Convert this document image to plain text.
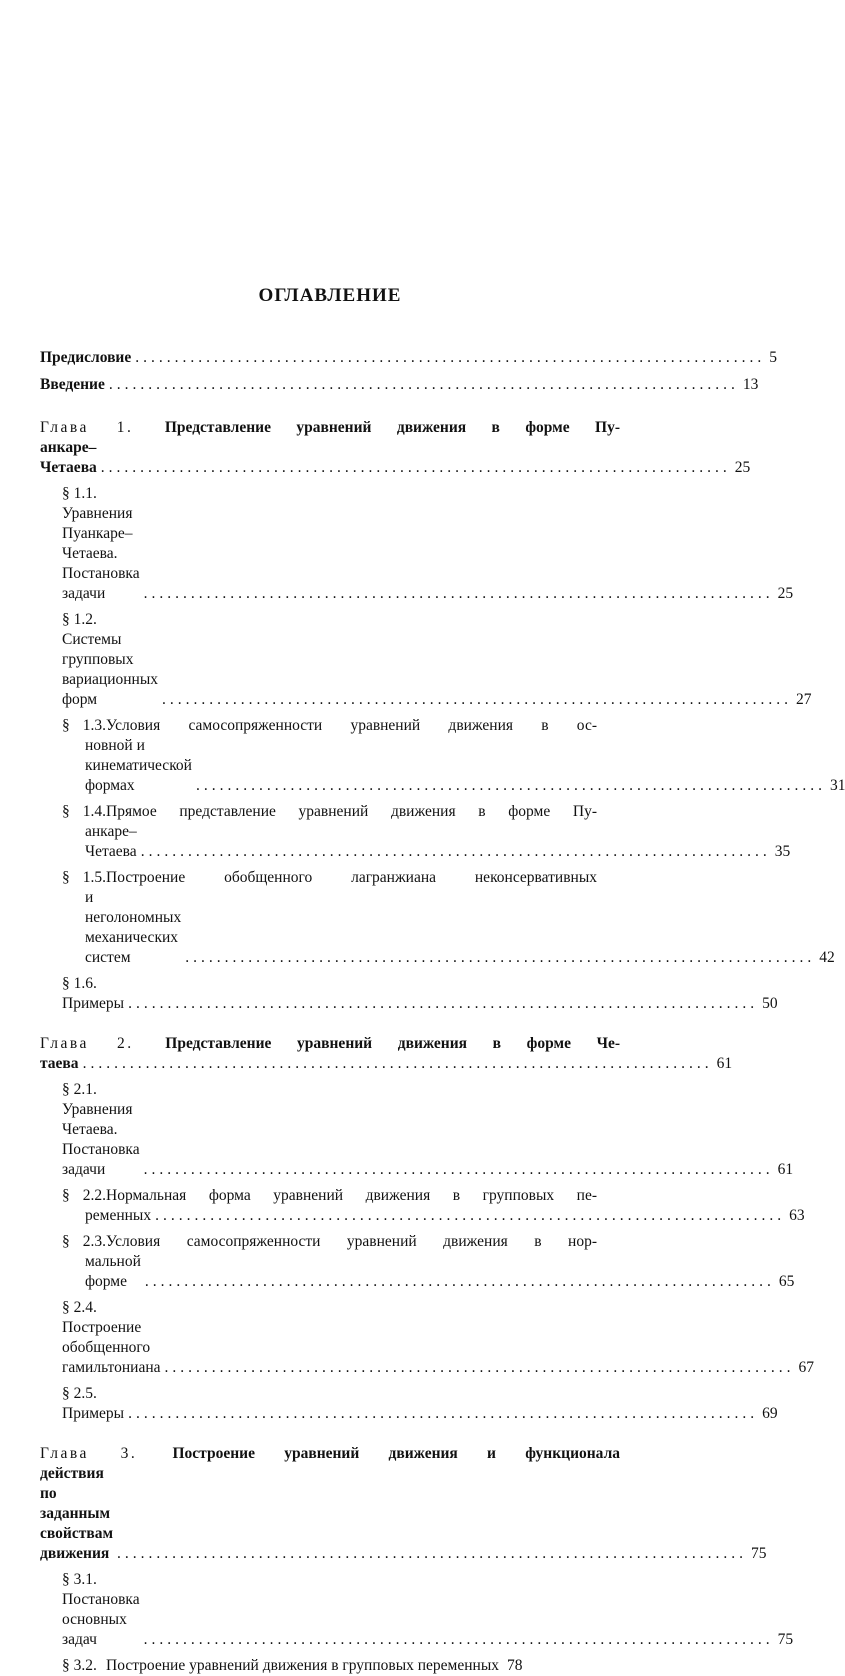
ОГЛАВЛЕНИЕ
Предисловие ................................................................................ 5
Введение ................................................................................ 13
Глава 1. Представление уравнений движения в форме Пу-
анкаре–Четаева ................................................................................ 25
§ 1.1.Уравнения Пуанкаре–Четаева. Постановка задачи	................................................................................ 25
§ 1.2.Системы групповых вариационных форм	................................................................................ 27
§ 1.3.Условия самосопряженности уравнений движения в ос-
новной и кинематической формах	................................................................................ 31
§ 1.4.Прямое представление уравнений движения в форме Пу-
анкаре–Четаева ................................................................................ 35
§ 1.5.Построение обобщенного лагранжиана неконсервативных
и неголономных механических систем	................................................................................ 42
§ 1.6.Примеры ................................................................................ 50
Глава 2. Представление уравнений движения в форме Че-
таева ................................................................................ 61
§ 2.1.Уравнения Четаева. Постановка задачи	................................................................................ 61
§ 2.2.Нормальная форма уравнений движения в групповых пе-
ременных ................................................................................ 63
§ 2.3.Условия самосопряженности уравнений движения в нор-
мальной форме	................................................................................ 65
§ 2.4.Построение обобщенного гамильтониана ................................................................................ 67
§ 2.5.Примеры ................................................................................ 69
Глава 3. Построение уравнений движения и функционала
действия по заданным свойствам движения ................................................................................ 75
§ 3.1.Постановка основных задач	................................................................................ 75
§ 3.2. Построение уравнений движения в групповых переменных 78
